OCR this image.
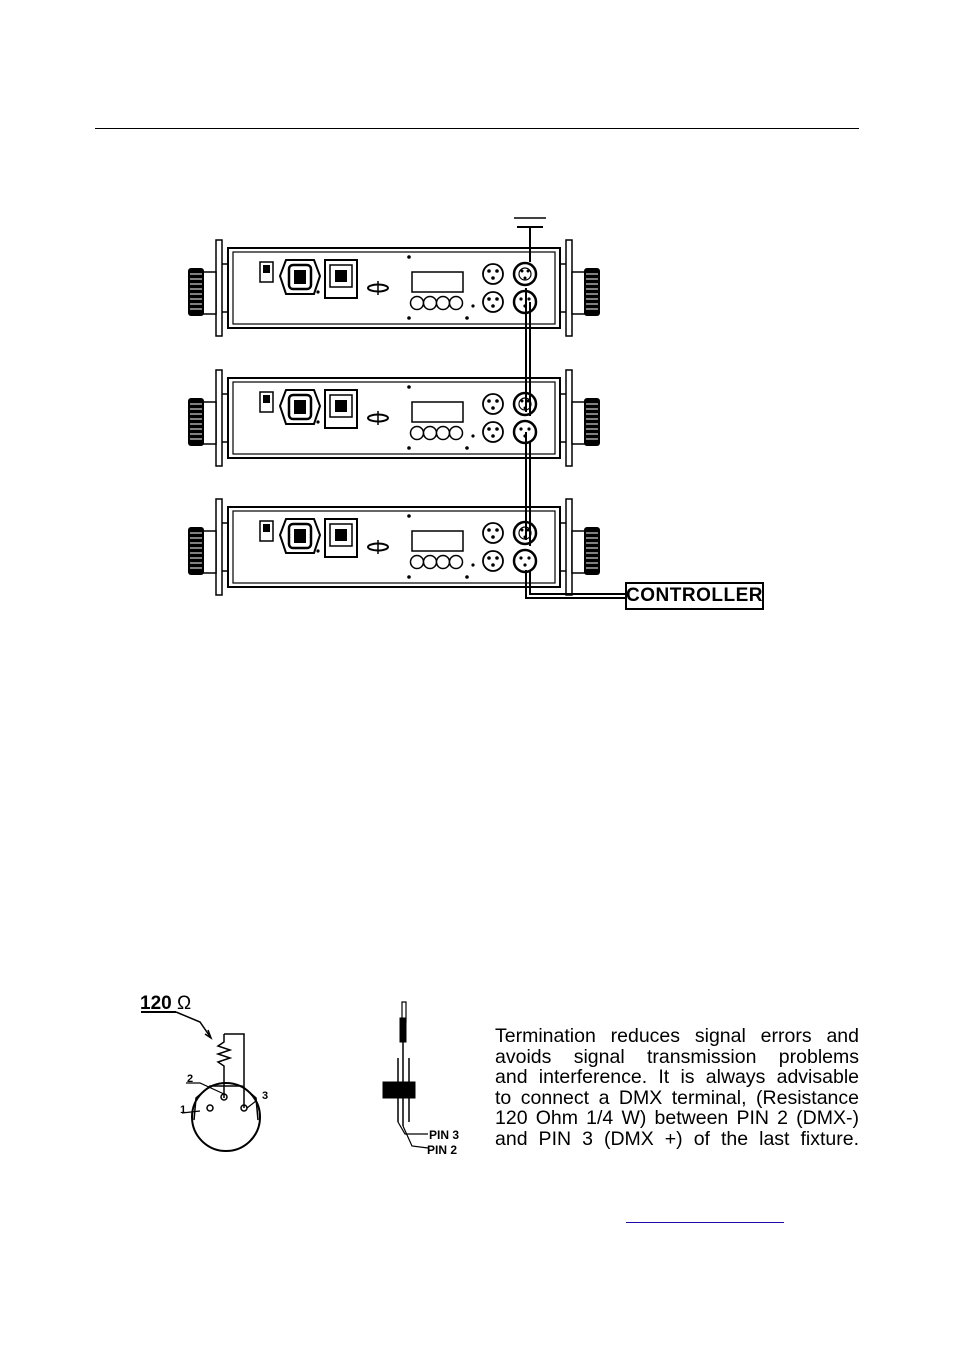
CONTROLLER
120 Ω
2
1
3
PIN 3
PIN 2
Termination reduces signal errors and
avoids signal transmission problems
and interference. It is always advisable
to connect a DMX terminal, (Resistance
120 Ohm 1/4 W) between PIN 2 (DMX-)
and PIN 3 (DMX +) of the last fixture.
